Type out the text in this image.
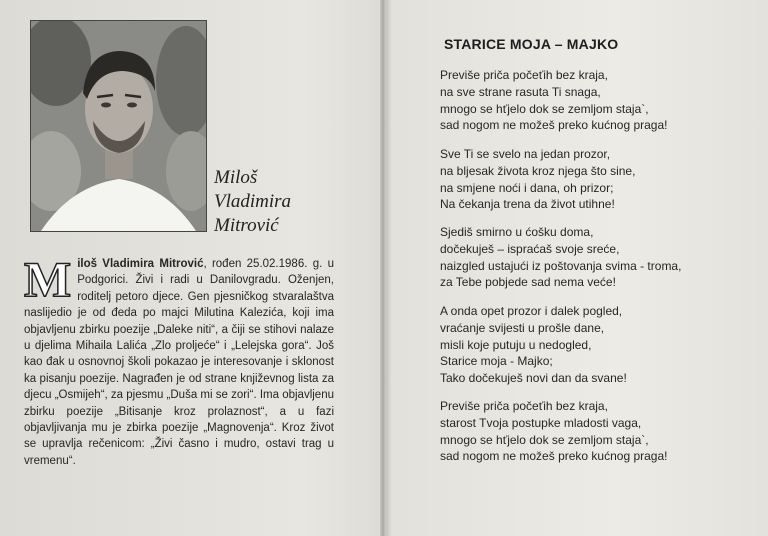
Miloš
Vladimira
Mitrović
Miloš Vladimira Mitrović, rođen 25.02.1986. g. u Podgorici. Živi i radi u Danilovgradu. Oženjen, roditelj petoro djece. Gen pjesničkog stvaralaštva naslijedio je od đeda po majci Milutina Kalezića, koji ima objavljenu zbirku poezije „Daleke niti“, a čiji se stihovi nalaze u djelima Mihaila Lalića „Zlo proljeće“ i „Lelejska gora“. Još kao đak u osnovnoj školi pokazao je interesovanje i sklonost ka pisanju poezije. Nagrađen je od strane književnog lista za djecu „Osmijeh“, za pjesmu „Duša mi se zori“. Ima objavljenu zbirku poezije „Bitisanje kroz prolaznost“, a u fazi objavljivanja mu je zbirka poezije „Magnovenja“. Kroz život se upravlja rečenicom: „Živi časno i mudro, ostavi trag u vremenu“.
STARICE MOJA – MAJKO
Previše priča počeťih bez kraja,
na sve strane rasuta Ti snaga,
mnogo se hťjelo dok se zemljom staja`,
sad nogom ne možeš preko kućnog praga!
Sve Ti se svelo na jedan prozor,
na bljesak života kroz njega što sine,
na smjene noći i dana, oh prizor;
Na čekanja trena da život utihne!
Sjediš smirno u ćošku doma,
dočekuješ – ispraćaš svoje sreće,
naizgled ustajući iz poštovanja svima - troma,
za Tebe pobjede sad nema veće!
A onda opet prozor i dalek pogled,
vraćanje svijesti u prošle dane,
misli koje putuju u nedogled,
Starice moja - Majko;
Tako dočekuješ novi dan da svane!
Previše priča počeťih bez kraja,
starost Tvoja postupke mladosti vaga,
mnogo se hťjelo dok se zemljom staja`,
sad nogom ne možeš preko kućnog praga!
